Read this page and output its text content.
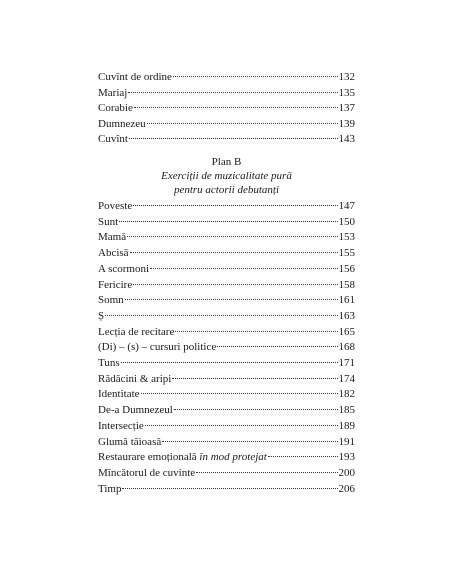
Cuvînt de ordine	132
Mariaj	135
Corabie	137
Dumnezeu	139
Cuvînt	143
Plan B
Exerciții de muzicalitate pură
pentru actorii debutanți
Poveste	147
Sunt	150
Mamă	153
Abcisă	155
A scormoni	156
Fericire	158
Somn	161
Ș	163
Lecția de recitare	165
(Di) – (s) – cursuri politice	168
Tuns	171
Rădăcini & aripi	174
Identitate	182
De-a Dumnezeul	185
Intersecție	189
Glumă tăioasă	191
Restaurare emoțională în mod protejat	193
Mîncătorul de cuvinte	200
Timp	206
